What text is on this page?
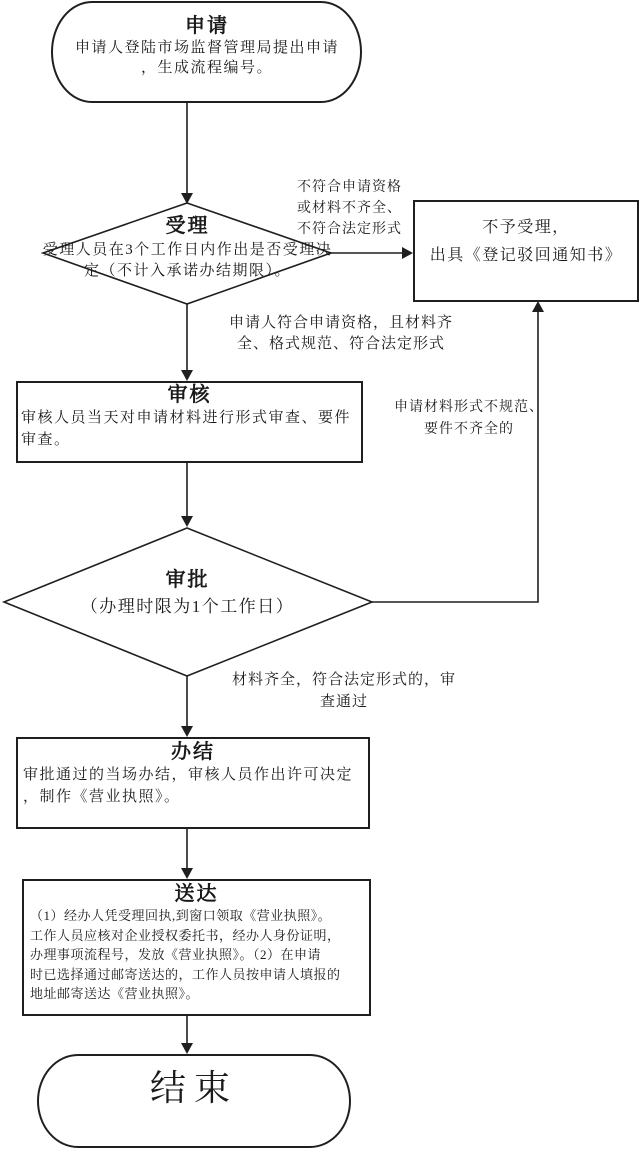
申请
申请人登陆市场监督管理局提出申请
，生成流程编号。
受理
受理人员在3个工作日内作出是否受理决
定（不计入承诺办结期限）。
不予受理，
出具《登记驳回通知书》
审核
审核人员当天对申请材料进行形式审查、要件
审查。
审批
（办理时限为1个工作日）
办结
审批通过的当场办结，审核人员作出许可决定
，制作《营业执照》。
送达
（1）经办人凭受理回执,到窗口领取《营业执照》。
工作人员应核对企业授权委托书，经办人身份证明，
办理事项流程号，发放《营业执照》。（2）在申请
时已选择通过邮寄送达的，工作人员按申请人填报的
地址邮寄送达《营业执照》。
结束
不符合申请资格
或材料不齐全、
不符合法定形式
申请人符合申请资格，且材料齐
全、格式规范、符合法定形式
申请材料形式不规范、
要件不齐全的
材料齐全，符合法定形式的，审
查通过
